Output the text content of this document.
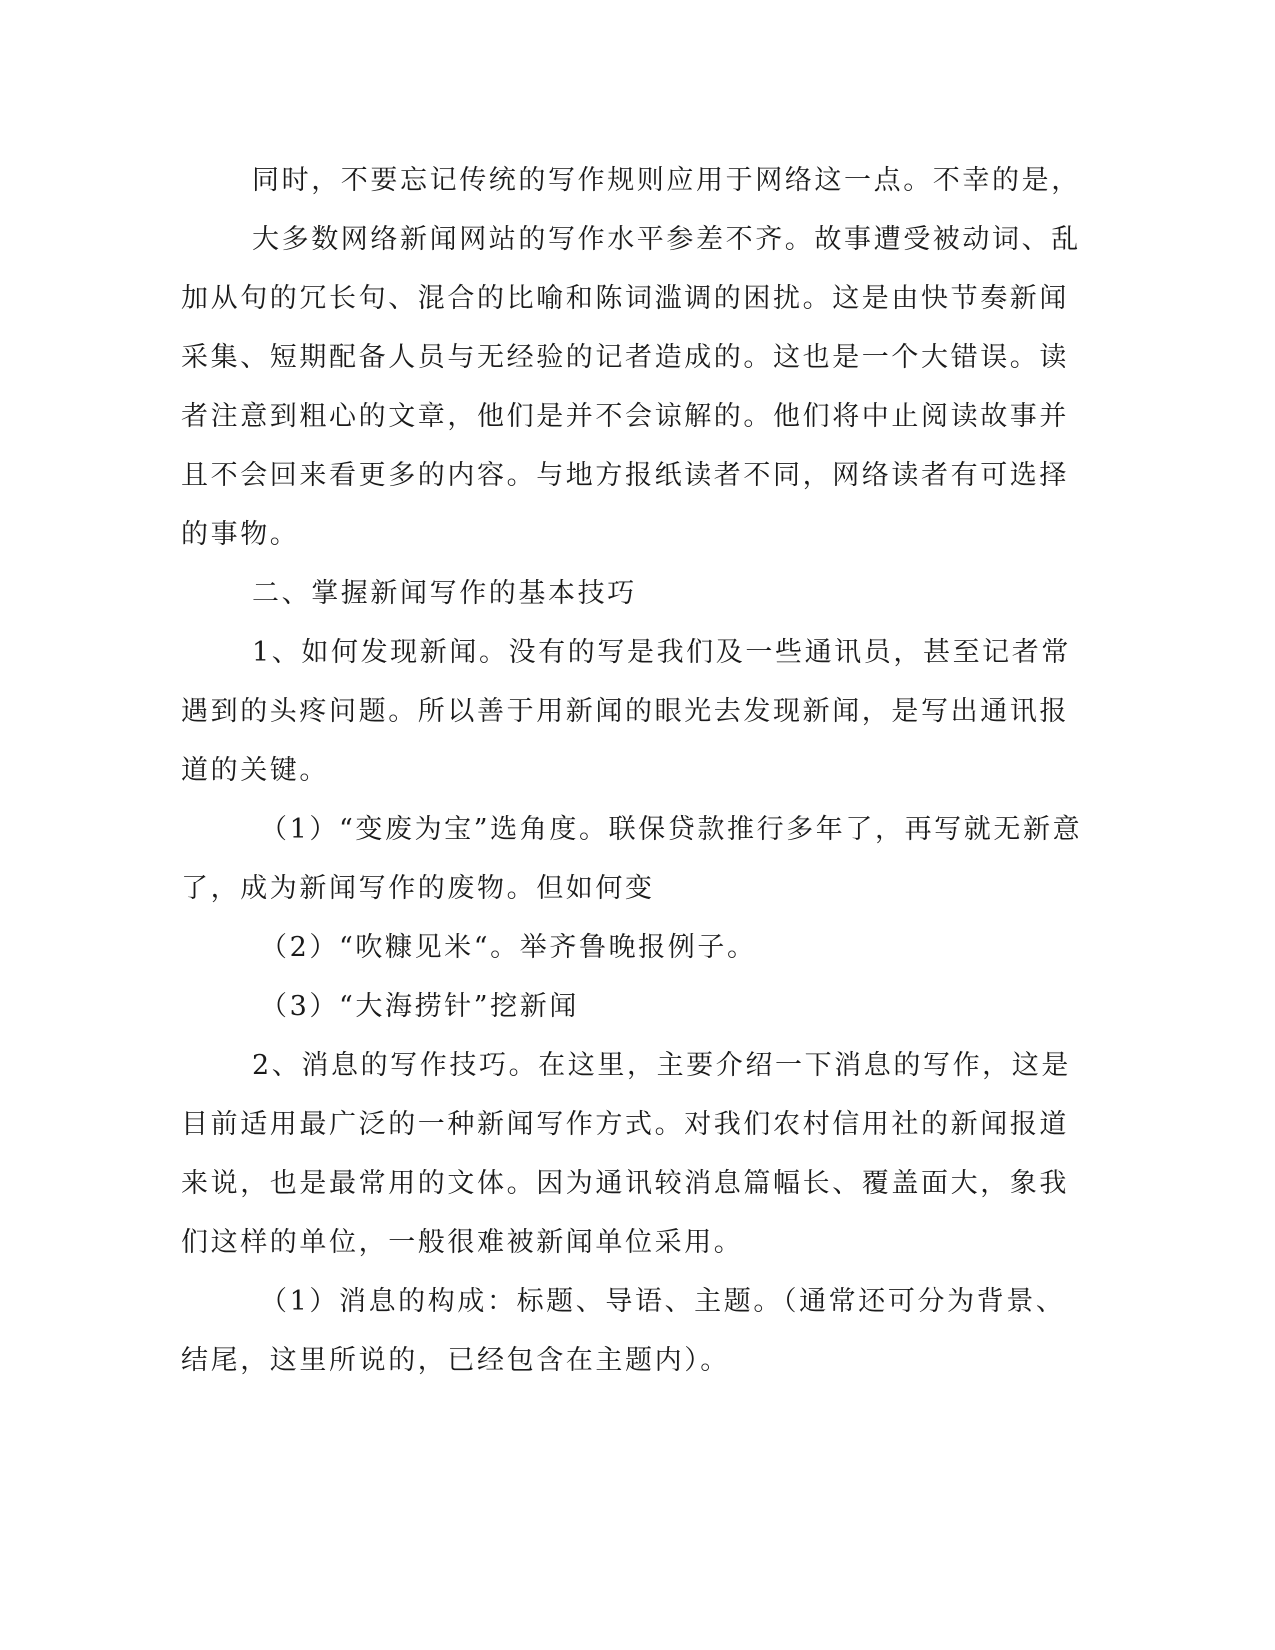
同时，不要忘记传统的写作规则应用于网络这一点。不幸的是，
大多数网络新闻网站的写作水平参差不齐。故事遭受被动词、乱
加从句的冗长句、混合的比喻和陈词滥调的困扰。这是由快节奏新闻
采集、短期配备人员与无经验的记者造成的。这也是一个大错误。读
者注意到粗心的文章，他们是并不会谅解的。他们将中止阅读故事并
且不会回来看更多的内容。与地方报纸读者不同，网络读者有可选择
的事物。
二、掌握新闻写作的基本技巧
1、如何发现新闻。没有的写是我们及一些通讯员，甚至记者常
遇到的头疼问题。所以善于用新闻的眼光去发现新闻，是写出通讯报
道的关键。
（1）“变废为宝”选角度。联保贷款推行多年了，再写就无新意
了，成为新闻写作的废物。但如何变
（2）“吹糠见米“。举齐鲁晚报例子。
（3）“大海捞针”挖新闻
2、消息的写作技巧。在这里，主要介绍一下消息的写作，这是
目前适用最广泛的一种新闻写作方式。对我们农村信用社的新闻报道
来说，也是最常用的文体。因为通讯较消息篇幅长、覆盖面大，象我
们这样的单位，一般很难被新闻单位采用。
（1）消息的构成：标题、导语、主题。（通常还可分为背景、
结尾，这里所说的，已经包含在主题内）。
